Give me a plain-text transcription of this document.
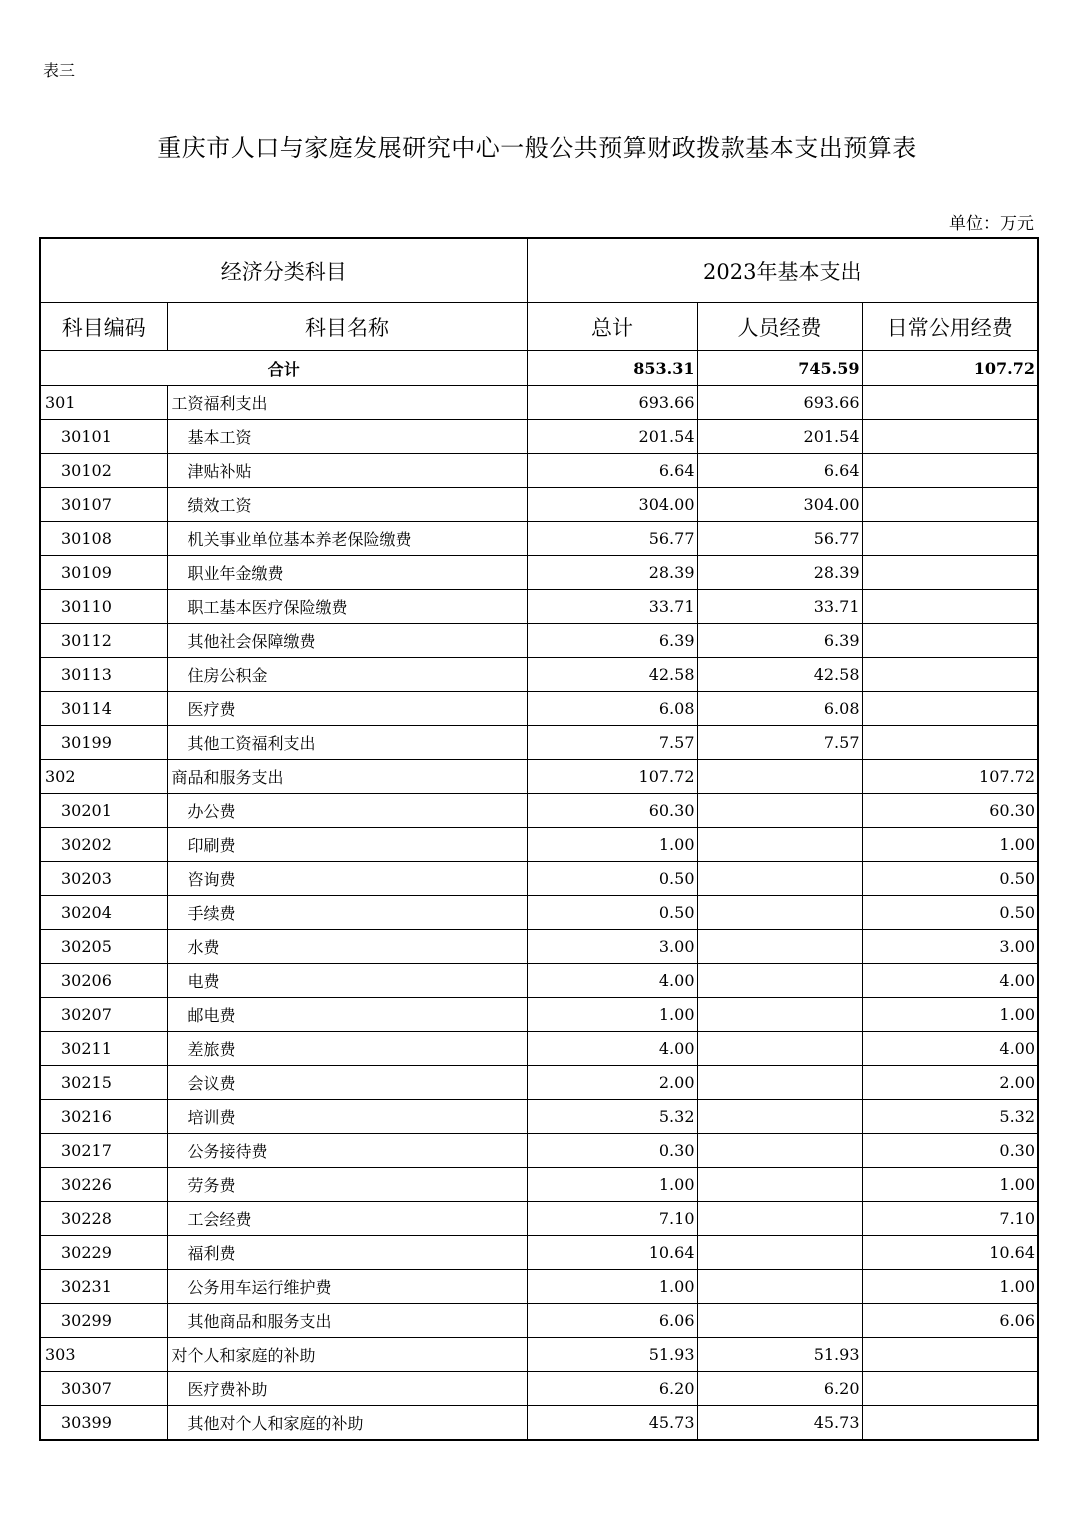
表三
重庆市人口与家庭发展研究中心一般公共预算财政拨款基本支出预算表
单位：万元
经济分类科目		2023年基本支出		
科目编码	科目名称	总计	人员经费	日常公用经费
合计		853.31	745.59	107.72
301	工资福利支出	693.66	693.66	
30101	基本工资	201.54	201.54	
30102	津贴补贴	6.64	6.64	
30107	绩效工资	304.00	304.00	
30108	机关事业单位基本养老保险缴费	56.77	56.77	
30109	职业年金缴费	28.39	28.39	
30110	职工基本医疗保险缴费	33.71	33.71	
30112	其他社会保障缴费	6.39	6.39	
30113	住房公积金	42.58	42.58	
30114	医疗费	6.08	6.08	
30199	其他工资福利支出	7.57	7.57	
302	商品和服务支出	107.72		107.72
30201	办公费	60.30		60.30
30202	印刷费	1.00		1.00
30203	咨询费	0.50		0.50
30204	手续费	0.50		0.50
30205	水费	3.00		3.00
30206	电费	4.00		4.00
30207	邮电费	1.00		1.00
30211	差旅费	4.00		4.00
30215	会议费	2.00		2.00
30216	培训费	5.32		5.32
30217	公务接待费	0.30		0.30
30226	劳务费	1.00		1.00
30228	工会经费	7.10		7.10
30229	福利费	10.64		10.64
30231	公务用车运行维护费	1.00		1.00
30299	其他商品和服务支出	6.06		6.06
303	对个人和家庭的补助	51.93	51.93	
30307	医疗费补助	6.20	6.20	
30399	其他对个人和家庭的补助	45.73	45.73	
